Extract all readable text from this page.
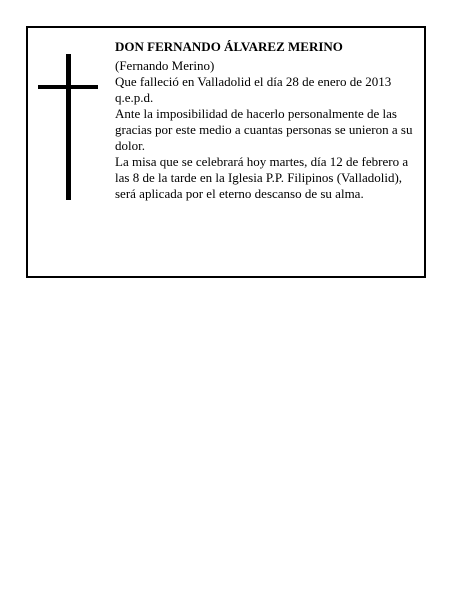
DON FERNANDO ÁLVAREZ MERINO

(Fernando Merino)

Que falleció en Valladolid el día 28 de enero de 2013

q.e.p.d.

Ante la imposibilidad de hacerlo personalmente de las gracias por este medio a cuantas personas se unieron a su dolor.

La misa que se celebrará hoy martes, día 12 de febrero a las 8 de la tarde en la Iglesia P.P. Filipinos (Valladolid), será aplicada por el eterno descanso de su alma.
